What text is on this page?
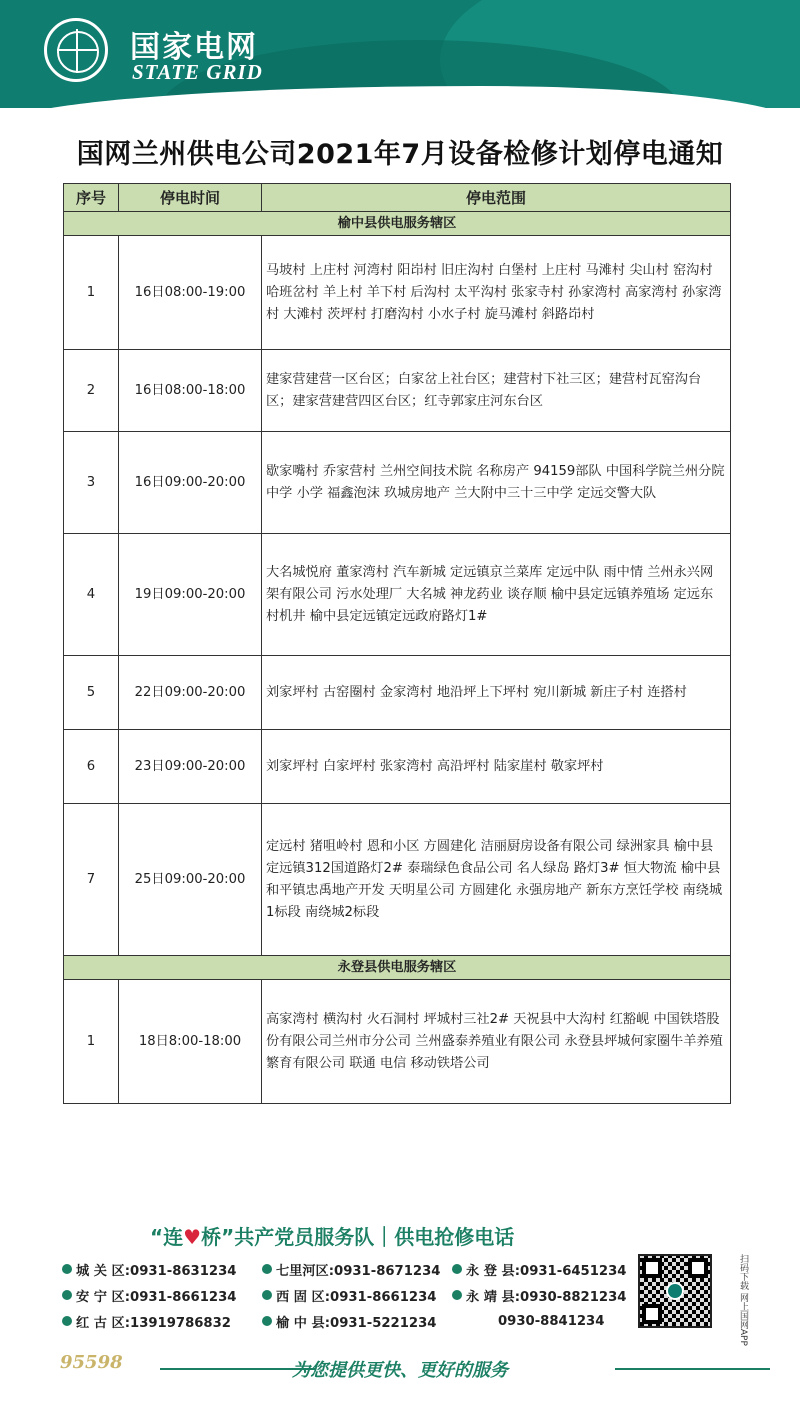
国家电网
STATE GRID
国网兰州供电公司2021年7月设备检修计划停电通知
序号	停电时间	停电范围
榆中县供电服务辖区		
1	16日08:00-19:00	马坡村 上庄村 河湾村 阳岇村 旧庄沟村 白堡村 上庄村 马滩村 尖山村 窑沟村 哈班岔村 羊上村 羊下村 后沟村 太平沟村 张家寺村 孙家湾村 高家湾村 孙家湾村 大滩村 茨坪村 打磨沟村 小水子村 旋马滩村 斜路岇村
2	16日08:00-18:00	建家营建营一区台区；白家岔上社台区；建营村下社三区；建营村瓦窑沟台区；建家营建营四区台区；红寺郭家庄河东台区
3	16日09:00-20:00	歇家嘴村 乔家营村 兰州空间技术院 名称房产 94159部队 中国科学院兰州分院中学 小学 福鑫泡沫 玖城房地产 兰大附中三十三中学 定远交警大队
4	19日09:00-20:00	大名城悦府 董家湾村 汽车新城 定远镇京兰菜库 定远中队 雨中情 兰州永兴网架有限公司 污水处理厂 大名城 神龙药业 谈存顺 榆中县定远镇养殖场 定远东村机井 榆中县定远镇定远政府路灯1#
5	22日09:00-20:00	刘家坪村 古窑圈村 金家湾村 地沿坪上下坪村 宛川新城 新庄子村 连搭村
6	23日09:00-20:00	刘家坪村 白家坪村 张家湾村 高沿坪村 陆家崖村 敬家坪村
7	25日09:00-20:00	定远村 猪咀岭村 恩和小区 方圆建化 洁丽厨房设备有限公司 绿洲家具 榆中县定远镇312国道路灯2# 泰瑞绿色食品公司 名人绿岛 路灯3# 恒大物流 榆中县和平镇忠禹地产开发 天明星公司 方圆建化 永强房地产 新东方烹饪学校 南绕城1标段 南绕城2标段
永登县供电服务辖区		
1	18日8:00-18:00	高家湾村 横沟村 火石洞村 坪城村三社2# 天祝县中大沟村 红豁岘 中国铁塔股份有限公司兰州市分公司 兰州盛泰养殖业有限公司 永登县坪城何家圈牛羊养殖繁育有限公司 联通 电信 移动铁塔公司
“连♥桥”共产党员服务队｜供电抢修电话
城 关 区:0931-8631234	七里河区:0931-8671234 永 登 县:0931-6451234
安 宁 区:0931-8661234	西 固 区:0931-8661234 永 靖 县:0930-8821234
红 古 区:13919786832	榆 中 县:0931-5221234	0930-8841234	扫码下载 网上国网APP
95598	为您提供更快、更好的服务
